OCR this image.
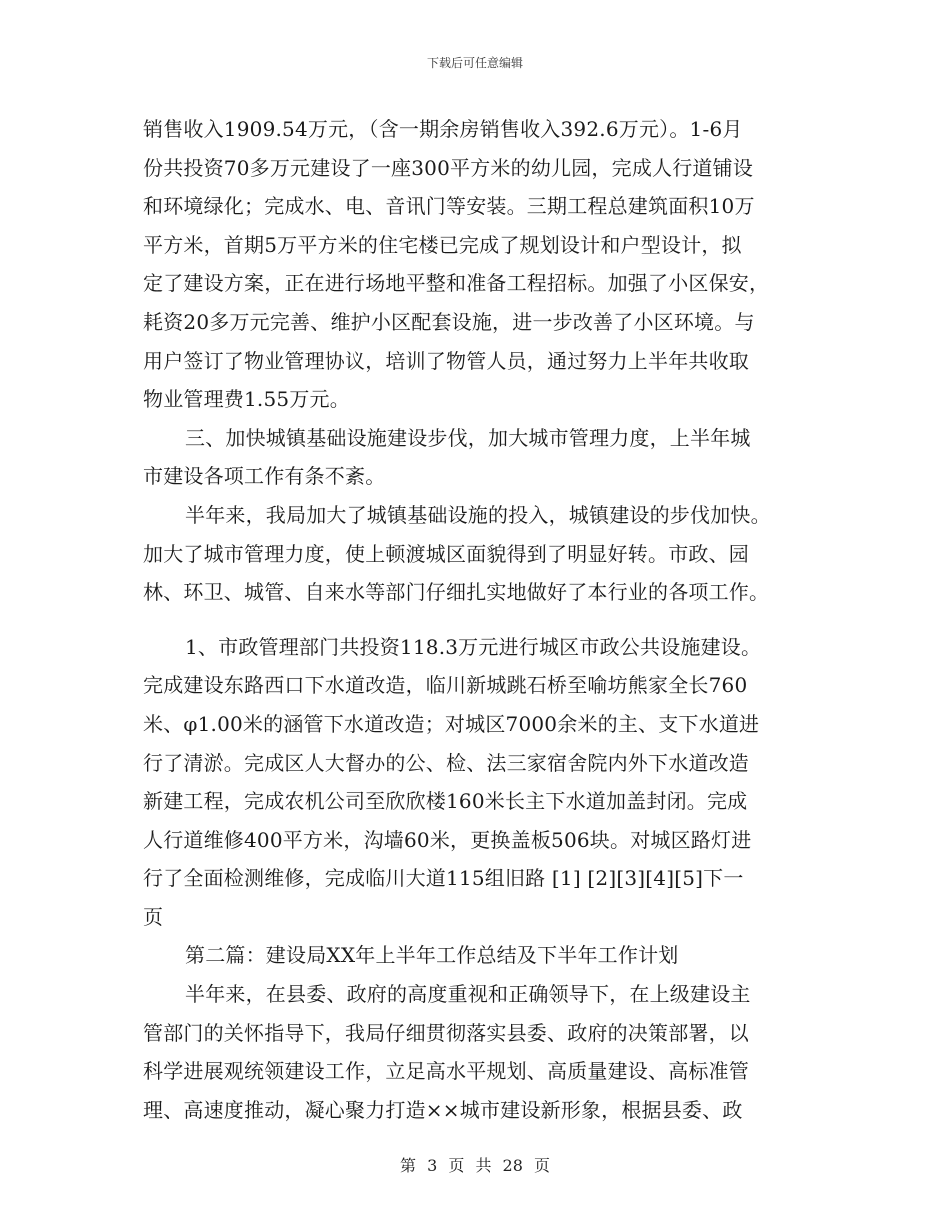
下载后可任意编辑
销售收入1909.54万元，（含一期余房销售收入392.6万元）。1-6月
份共投资70多万元建设了一座300平方米的幼儿园，完成人行道铺设
和环境绿化；完成水、电、音讯门等安装。三期工程总建筑面积10万
平方米，首期5万平方米的住宅楼已完成了规划设计和户型设计，拟
定了建设方案，正在进行场地平整和准备工程招标。加强了小区保安，
耗资20多万元完善、维护小区配套设施，进一步改善了小区环境。与
用户签订了物业管理协议，培训了物管人员，通过努力上半年共收取
物业管理费1.55万元。
三、加快城镇基础设施建设步伐，加大城市管理力度，上半年城
市建设各项工作有条不紊。
半年来，我局加大了城镇基础设施的投入，城镇建设的步伐加快。
加大了城市管理力度，使上顿渡城区面貌得到了明显好转。市政、园
林、环卫、城管、自来水等部门仔细扎实地做好了本行业的各项工作。
1、市政管理部门共投资118.3万元进行城区市政公共设施建设。
完成建设东路西口下水道改造，临川新城跳石桥至喻坊熊家全长760
米、φ1.00米的涵管下水道改造；对城区7000余米的主、支下水道进
行了清淤。完成区人大督办的公、检、法三家宿舍院内外下水道改造
新建工程，完成农机公司至欣欣楼160米长主下水道加盖封闭。完成
人行道维修400平方米，沟墙60米，更换盖板506块。对城区路灯进
行了全面检测维修，完成临川大道115组旧路 [1] [2][3][4][5]下一
页
第二篇：建设局XX年上半年工作总结及下半年工作计划
半年来，在县委、政府的高度重视和正确领导下，在上级建设主
管部门的关怀指导下，我局仔细贯彻落实县委、政府的决策部署，以
科学进展观统领建设工作，立足高水平规划、高质量建设、高标准管
理、高速度推动，凝心聚力打造××城市建设新形象，根据县委、政
第 3 页 共 28 页
